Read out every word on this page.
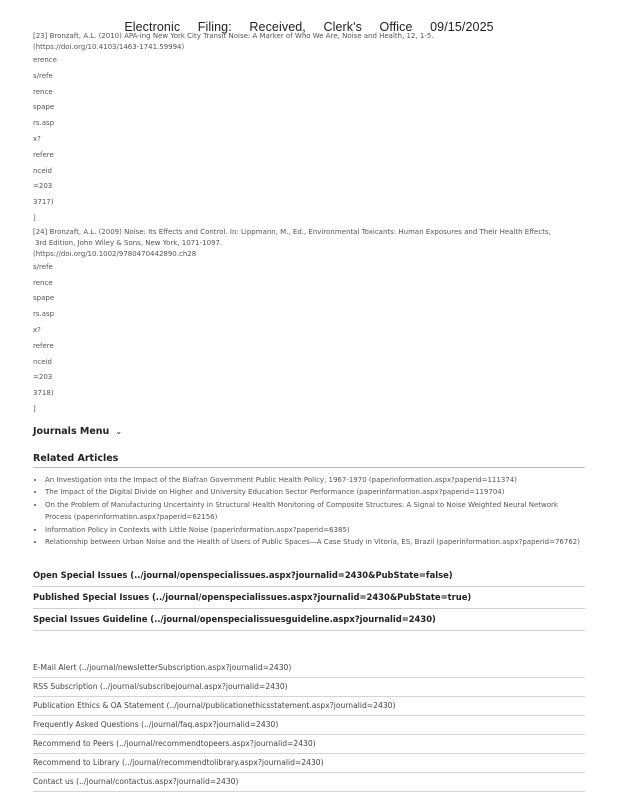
Electronic Filing: Received, Clerk's Office 09/15/2025
[23] Bronzaft, A.L. (2010) APA-ing New York City Transit Noise: A Marker of Who We Are, Noise and Health, 12, 1-5.
(https://doi.org/10.4103/1463-1741.59994)
erence
s/refe
rence
spape
rs.asp
x?
refere
nceid
=203
3717)
]
[24] Bronzaft, A.L. (2009) Noise: Its Effects and Control. In: Lippmann, M., Ed., Environmental Toxicants: Human Exposures and Their Health Effects,
3rd Edition, John Wiley & Sons, New York, 1071-1097.
(https://doi.org/10.1002/9780470442890.ch28
s/refe
rence
spape
rs.asp
x?
refere
nceid
=203
3718)
]
Journals Menu ⌄
Related Articles
• An Investigation into the Impact of the Biafran Government Public Health Policy, 1967-1970 (paperinformation.aspx?paperid=111374)
• The Impact of the Digital Divide on Higher and University Education Sector Performance (paperinformation.aspx?paperid=119704)
• On the Problem of Manufacturing Uncertainty in Structural Health Monitoring of Composite Structures: A Signal to Noise Weighted Neural Network Process (paperinformation.aspx?paperid=62156)
• Information Policy in Contexts with Little Noise (paperinformation.aspx?paperid=6385)
• Relationship between Urban Noise and the Health of Users of Public Spaces—A Case Study in Vitoria, ES, Brazil (paperinformation.aspx?paperid=76762)
Open Special Issues (../journal/openspecialissues.aspx?journalid=2430&PubState=false)
Published Special Issues (../journal/openspecialissues.aspx?journalid=2430&PubState=true)
Special Issues Guideline (../journal/openspecialissuesguideline.aspx?journalid=2430)
E-Mail Alert (../journal/newsletterSubscription.aspx?journalid=2430)
RSS Subscription (../journal/subscribejournal.aspx?journalid=2430)
Publication Ethics & OA Statement (../journal/publicationethicsstatement.aspx?journalid=2430)
Frequently Asked Questions (../journal/faq.aspx?journalid=2430)
Recommend to Peers (../journal/recommendtopeers.aspx?journalid=2430)
Recommend to Library (../journal/recommendtolibrary.aspx?journalid=2430)
Contact us (../journal/contactus.aspx?journalid=2430)
